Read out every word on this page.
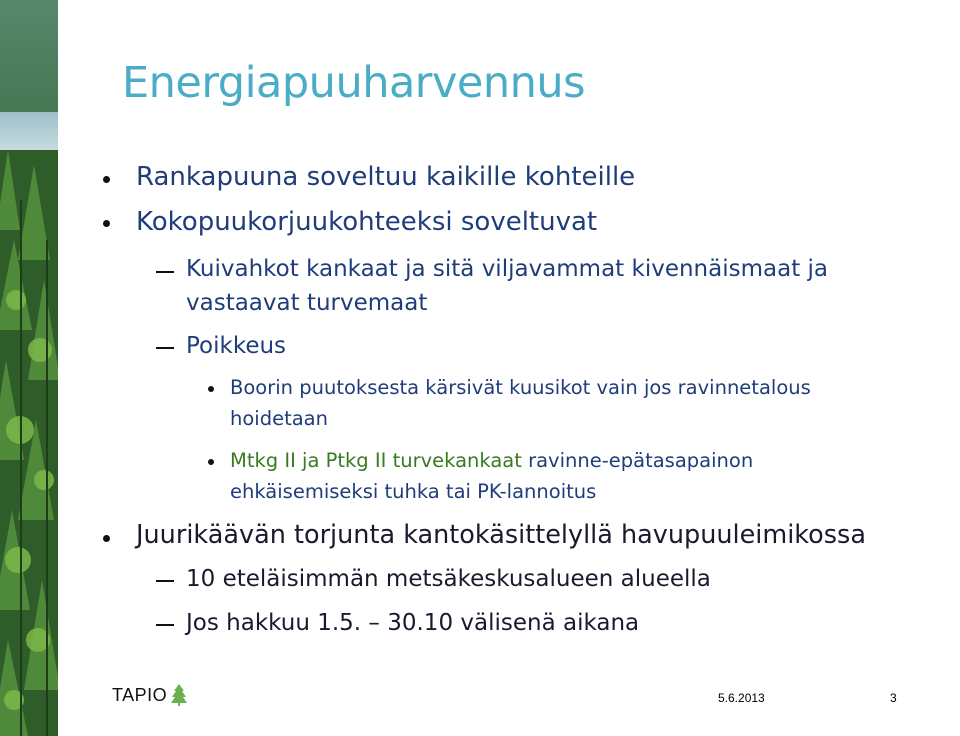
Energiapuuharvennus
Rankapuuna soveltuu kaikille kohteille
Kokopuukorjuukohteeksi soveltuvat
Kuivahkot kankaat ja sitä viljavammat kivennäismaat ja
vastaavat turvemaat
Poikkeus
Boorin puutoksesta kärsivät kuusikot vain jos ravinnetalous
hoidetaan
Mtkg II ja Ptkg II turvekankaat ravinne-epätasapainon
ehkäisemiseksi tuhka tai PK-lannoitus
Juurikäävän torjunta kantokäsittelyllä havupuuleimikossa
10 eteläisimmän metsäkeskusalueen alueella
Jos hakkuu 1.5. – 30.10 välisenä aikana
TAPIO	5.6.2013	3
